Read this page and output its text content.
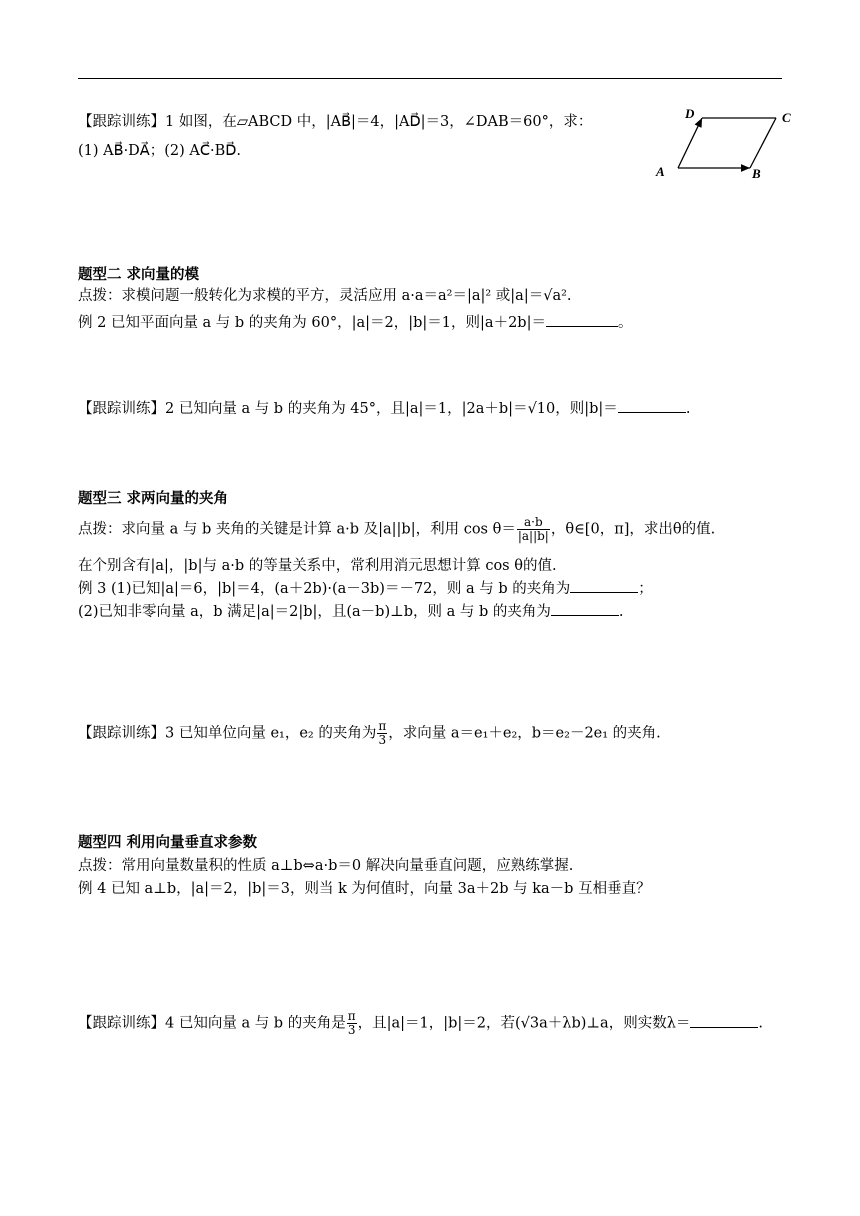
【跟踪训练】1 如图，在▱ABCD 中，|AB⃗|＝4，|AD⃗|＝3，∠DAB＝60°，求：
(1) AB⃗·DA⃗；(2) AC⃗·BD⃗.
A	B
C
D
题型二 求向量的模
点拨：求模问题一般转化为求模的平方，灵活应用 a·a＝a²＝|a|² 或|a|＝√a².
例 2 已知平面向量 a 与 b 的夹角为 60°，|a|＝2，|b|＝1，则|a＋2b|＝	。
【跟踪训练】2 已知向量 a 与 b 的夹角为 45°，且|a|＝1，|2a＋b|＝√10，则|b|＝	.
题型三 求两向量的夹角
点拨：求向量 a 与 b 夹角的关键是计算 a·b 及|a||b|，利用 $\cos \theta= \frac{a\cdot b}{|a||b|}$ ，θ∈[0，π]，求出θ的值.
在个别含有|a|，|b|与 a·b 的等量关系中，常利用消元思想计算 cos θ的值.
例 3 (1)已知|a|＝6，|b|＝4，(a＋2b)·(a－3b)＝－72，则 a 与 b 的夹角为	；
(2)已知非零向量 a，b 满足|a|＝2|b|，且(a－b)⊥b，则 a 与 b 的夹角为	.
【跟踪训练】3 已知单位向量 e₁，e₂ 的夹角为 $\frac{\pi}{3}$ ，求向量 a＝e₁＋e₂，b＝e₂－2e₁ 的夹角.
题型四 利用向量垂直求参数
点拨：常用向量数量积的性质 a⊥b⇔a·b＝0 解决向量垂直问题，应熟练掌握.
例 4 已知 a⊥b，|a|＝2，|b|＝3，则当 k 为何值时，向量 3a＋2b 与 ka－b 互相垂直？
【跟踪训练】4 已知向量 a 与 b 的夹角是 $\frac{\pi}{3}$ ，且|a|＝1，|b|＝2，若(√3a＋λb)⊥a，则实数λ＝	.
